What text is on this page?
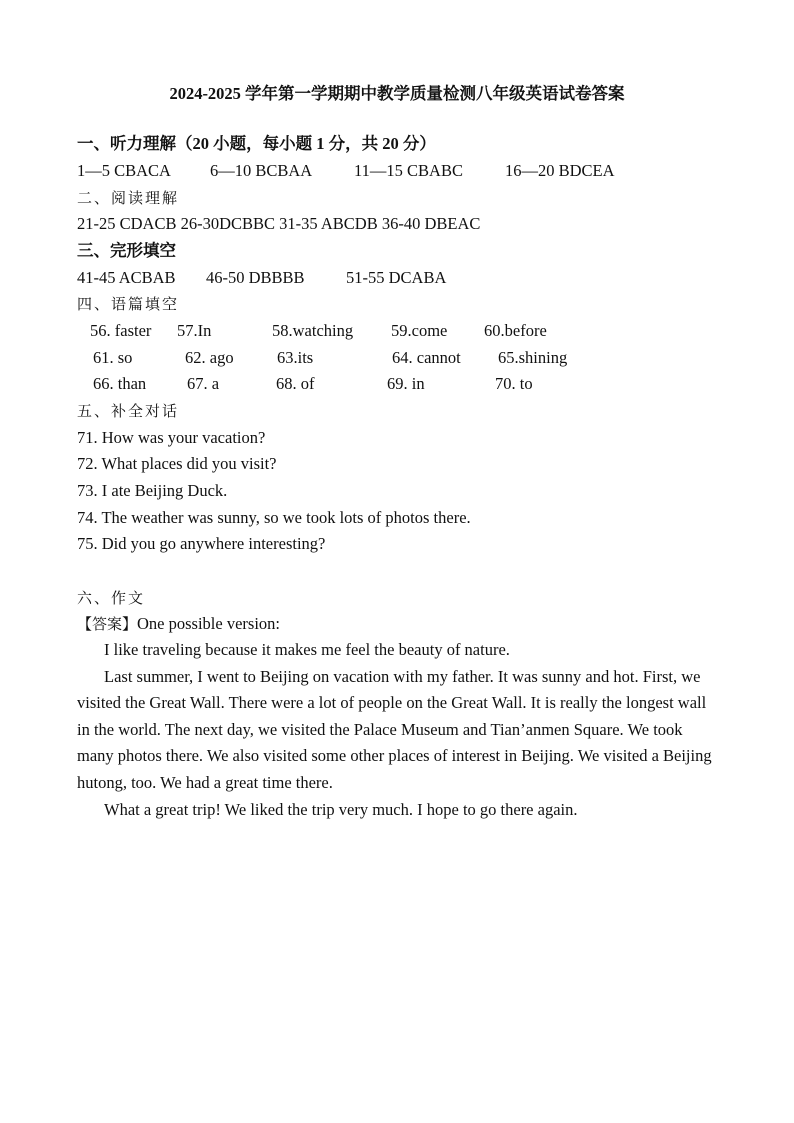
2024-2025 学年第一学期期中教学质量检测八年级英语试卷答案
一、听力理解（20 小题，每小题 1 分，共 20 分）
1—5 CBACA 6—10 BCBAA	11—15 CBABC	16—20 BDCEA
二、阅读理解
21-25 CDACB 26-30DCBBC 31-35 ABCDB 36-40 DBEAC
三、完形填空
41-45 ACBAB 46-50 DBBBB	51-55 DCABA
四、语篇填空
56. faster 57.In	58.watching 59.come 60.before
61. so	62. ago	63.its	64. cannot 65.shining
66. than 67. a	68. of	69. in	70. to
五、补全对话
71. How was your vacation?
72. What places did you visit?
73. I ate Beijing Duck.
74. The weather was sunny, so we took lots of photos there.
75. Did you go anywhere interesting?
六、作文
【答案】One possible version:

I like traveling because it makes me feel the beauty of nature.

Last summer, I went to Beijing on vacation with my father. It was sunny and hot. First, we visited the Great Wall. There were a lot of people on the Great Wall. It is really the longest wall in the world. The next day, we visited the Palace Museum and Tian’anmen Square. We took many photos there. We also visited some other places of interest in Beijing. We visited a Beijing hutong, too. We had a great time there.

What a great trip! We liked the trip very much. I hope to go there again.
